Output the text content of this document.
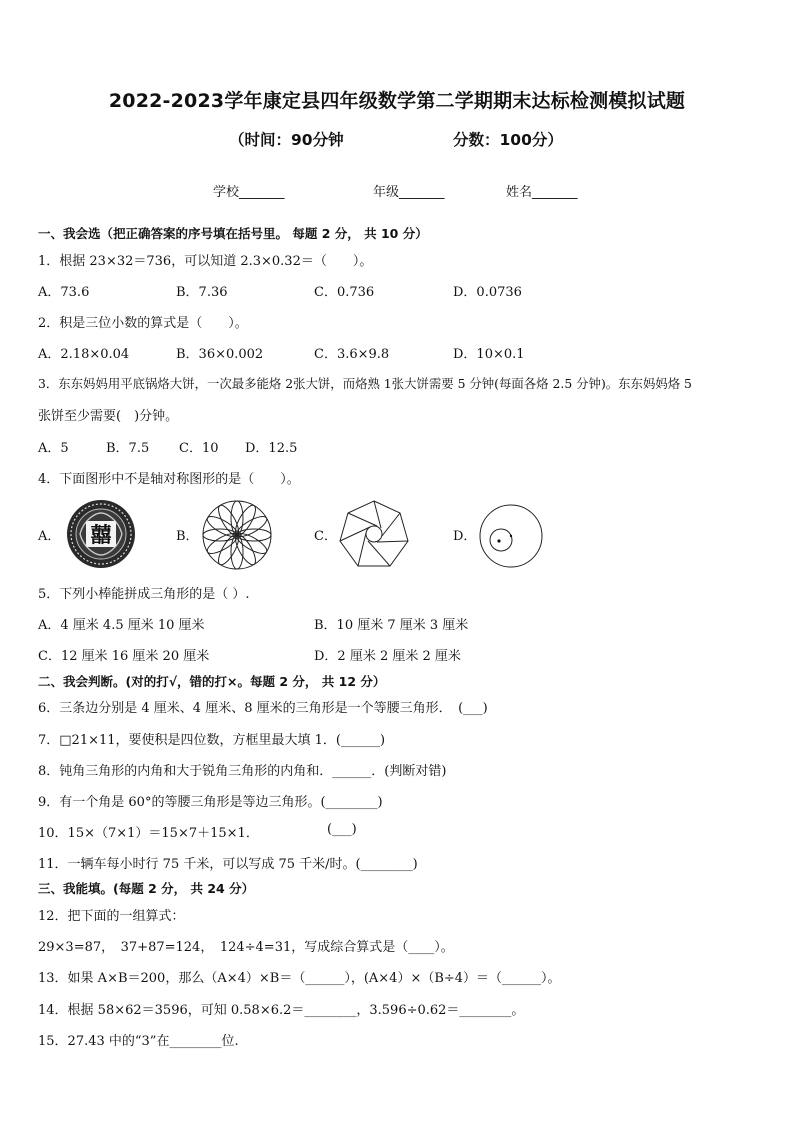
2022-2023学年康定县四年级数学第二学期期末达标检测模拟试题
（时间：90分钟	分数：100分）
学校_______	年级_______	姓名_______
一、我会选（把正确答案的序号填在括号里。 每题 2 分， 共 10 分）
1．根据 23×32＝736，可以知道 2.3×0.32＝（　　）。
A．73.6	B．7.36	C．0.736	D．0.0736
2．积是三位小数的算式是（　　）。
A．2.18×0.04	B．36×0.002	C．3.6×9.8	D．10×0.1
3．东东妈妈用平底锅烙大饼，一次最多能烙 2张大饼，而烙熟 1张大饼需要 5 分钟(每面各烙 2.5 分钟)。东东妈妈烙 5
张饼至少需要(　)分钟。
A．5	B．7.5 C．10 D．12.5
4．下面图形中不是轴对称图形的是（　　）。
A．	B．	C．	D．
囍
5．下列小棒能拼成三角形的是（ ）.
A．4 厘米 4.5 厘米 10 厘米	B．10 厘米 7 厘米 3 厘米
C．12 厘米 16 厘米 20 厘米	D．2 厘米 2 厘米 2 厘米
二、我会判断。(对的打√，错的打×。每题 2 分， 共 12 分）
6．三条边分别是 4 厘米、4 厘米、8 厘米的三角形是一个等腰三角形．　(___)
7．□21×11，要使积是四位数，方框里最大填 1．(______)
8．钝角三角形的内角和大于锐角三角形的内角和．______．(判断对错)
9．有一个角是 60°的等腰三角形是等边三角形。(________)
10．15×（7×1）＝15×7＋15×1．	(___)
11．一辆车每小时行 75 千米，可以写成 75 千米/时。(________)
三、我能填。(每题 2 分， 共 24 分）
12．把下面的一组算式：
29×3=87，　37+87=124，　124÷4=31，写成综合算式是（____）。
13．如果 A×B＝200，那么（A×4）×B＝（______），(A×4）×（B÷4）＝（______）。
14．根据 58×62＝3596，可知 0.58×6.2＝________，3.596÷0.62＝________。
15．27.43 中的“3”在________位.
